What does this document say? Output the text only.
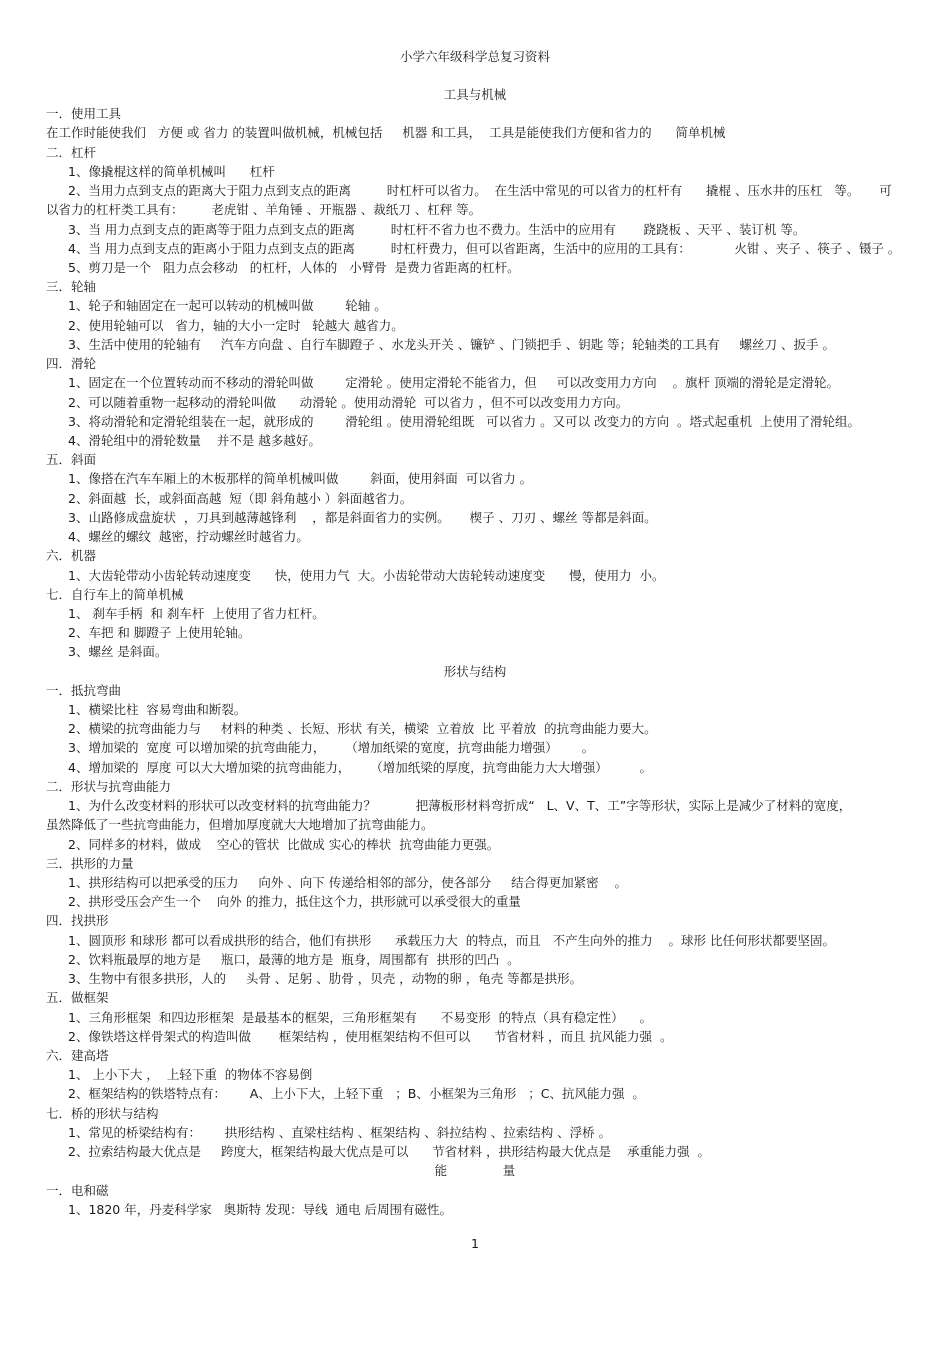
小学六年级科学总复习资料
工具与机械
一．使用工具
在工作时能使我们   方便 或 省力 的装置叫做机械，机械包括     机器 和工具，  工具是能使我们方便和省力的      简单机械
二．杠杆
1、像撬棍这样的简单机械叫      杠杆
2、当用力点到支点的距离大于阻力点到支点的距离         时杠杆可以省力。  在生活中常见的可以省力的杠杆有      撬棍 、压水井的压杠   等。     可
以省力的杠杆类工具有：       老虎钳 、羊角锤 、开瓶器 、裁纸刀 、杠秤 等。
3、当 用力点到支点的距离等于阻力点到支点的距离         时杠杆不省力也不费力。生活中的应用有       跷跷板 、天平 、装订机 等。
4、当 用力点到支点的距离小于阻力点到支点的距离         时杠杆费力，但可以省距离，生活中的应用的工具有：           火钳 、夹子 、筷子 、镊子 。
5、剪刀是一个   阻力点会移动   的杠杆，人体的   小臂骨  是费力省距离的杠杆。
三．轮轴
1、轮子和轴固定在一起可以转动的机械叫做        轮轴 。
2、使用轮轴可以   省力，轴的大小一定时   轮越大 越省力。
3、生活中使用的轮轴有     汽车方向盘 、自行车脚蹬子 、水龙头开关 、镰铲 、门锁把手 、钥匙 等；轮轴类的工具有     螺丝刀 、扳手 。
四．滑轮
1、固定在一个位置转动而不移动的滑轮叫做        定滑轮 。使用定滑轮不能省力，但     可以改变用力方向    。旗杆 顶端的滑轮是定滑轮。
2、可以随着重物一起移动的滑轮叫做      动滑轮 。使用动滑轮  可以省力 ，但不可以改变用力方向。
3、将动滑轮和定滑轮组装在一起，就形成的        滑轮组 。使用滑轮组既   可以省力 。又可以 改变力的方向  。塔式起重机  上使用了滑轮组。
4、滑轮组中的滑轮数量    并不是 越多越好。
五．斜面
1、像搭在汽车车厢上的木板那样的简单机械叫做        斜面，使用斜面  可以省力 。
2、斜面越  长，或斜面高越  短（即 斜角越小 ）斜面越省力。
3、山路修成盘旋状  ，刀具到越薄越锋利    ，都是斜面省力的实例。     楔子 、刀刃 、螺丝 等都是斜面。
4、螺丝的螺纹  越密，拧动螺丝时越省力。
六．机器
1、大齿轮带动小齿轮转动速度变      快，使用力气  大。小齿轮带动大齿轮转动速度变      慢，使用力  小。
七．自行车上的简单机械
1、 刹车手柄  和 刹车杆  上使用了省力杠杆。
2、车把 和 脚蹬子 上使用轮轴。
3、螺丝 是斜面。
形状与结构
一．抵抗弯曲
1、横梁比柱  容易弯曲和断裂。
2、横梁的抗弯曲能力与     材料的种类 、长短、形状 有关，横梁  立着放  比 平着放  的抗弯曲能力要大。
3、增加梁的  宽度 可以增加梁的抗弯曲能力，     （增加纸梁的宽度，抗弯曲能力增强）      。
4、增加梁的  厚度 可以大大增加梁的抗弯曲能力，     （增加纸梁的厚度，抗弯曲能力大大增强）        。
二．形状与抗弯曲能力
1、为什么改变材料的形状可以改变材料的抗弯曲能力？          把薄板形材料弯折成“   L、V、T、工”字等形状，实际上是减少了材料的宽度，
虽然降低了一些抗弯曲能力，但增加厚度就大大地增加了抗弯曲能力。
2、同样多的材料，做成    空心的管状  比做成 实心的棒状  抗弯曲能力更强。
三．拱形的力量
1、拱形结构可以把承受的压力     向外 、向下 传递给相邻的部分，使各部分     结合得更加紧密    。
2、拱形受压会产生一个    向外 的推力，抵住这个力，拱形就可以承受很大的重量
四．找拱形
1、圆顶形 和球形 都可以看成拱形的结合，他们有拱形      承载压力大  的特点，而且   不产生向外的推力    。球形 比任何形状都要坚固。
2、饮料瓶最厚的地方是     瓶口，最薄的地方是  瓶身，周围都有  拱形的凹凸  。
3、生物中有很多拱形，人的     头骨 、足躬 、肋骨 ，贝壳 ，动物的卵 ，龟壳 等都是拱形。
五．做框架
1、三角形框架  和四边形框架  是最基本的框架，三角形框架有      不易变形  的特点（具有稳定性）    。
2、像铁塔这样骨架式的构造叫做       框架结构 ，使用框架结构不但可以      节省材料 ，而且 抗风能力强  。
六．建高塔
1、 上小下大 ，  上轻下重  的物体不容易倒
2、框架结构的铁塔特点有：      A、上小下大，上轻下重   ；B、小框架为三角形   ；C、抗风能力强  。
七．桥的形状与结构
1、常见的桥梁结构有：      拱形结构 、直梁柱结构 、框架结构 、斜拉结构 、拉索结构 、浮桥 。
2、拉索结构最大优点是     跨度大，框架结构最大优点是可以      节省材料 ，拱形结构最大优点是    承重能力强  。
能              量
一．电和磁
1、1820 年，丹麦科学家   奥斯特 发现：导线  通电 后周围有磁性。
1
